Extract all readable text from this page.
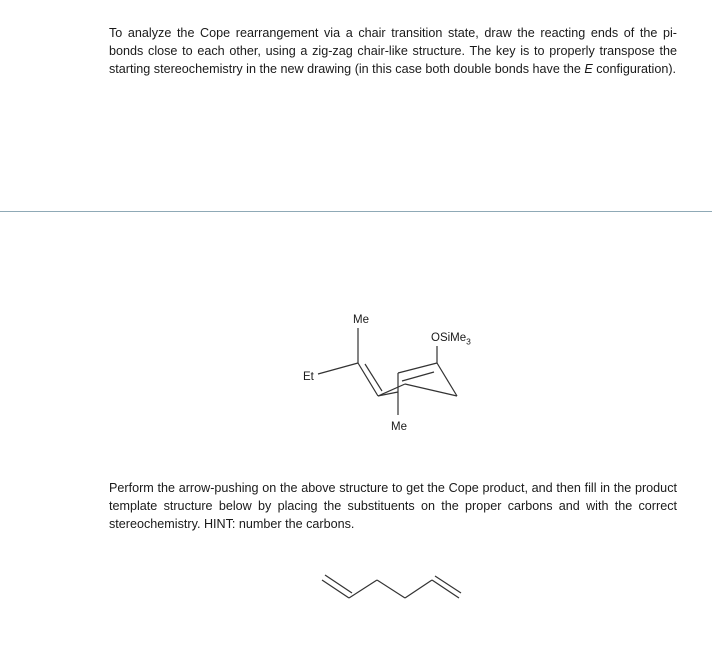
To analyze the Cope rearrangement via a chair transition state, draw the reacting ends of the pi-bonds close to each other, using a zig-zag chair-like structure. The key is to properly transpose the starting stereochemistry in the new drawing (in this case both double bonds have the E configuration).

Me
Et
Me
OSiMe$_3$

Perform the arrow-pushing on the above structure to get the Cope product, and then fill in the product template structure below by placing the substituents on the proper carbons and with the correct stereochemistry. HINT: number the carbons.
